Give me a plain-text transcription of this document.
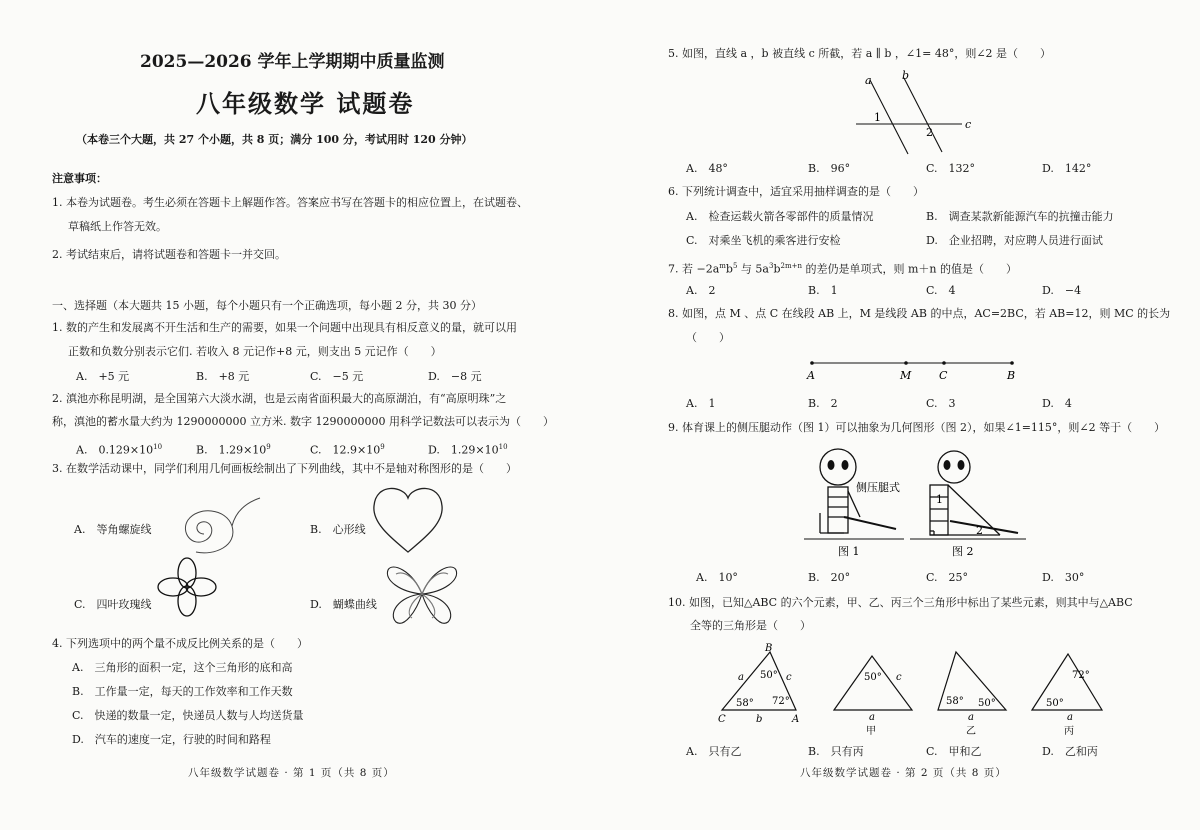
2025—2026 学年上学期期中质量监测
八年级数学 试题卷
（本卷三个大题，共 27 个小题，共 8 页；满分 100 分，考试用时 120 分钟）
注意事项：
1. 本卷为试题卷。考生必须在答题卡上解题作答。答案应书写在答题卡的相应位置上，在试题卷、
草稿纸上作答无效。
2. 考试结束后，请将试题卷和答题卡一并交回。
一、选择题（本大题共 15 小题，每个小题只有一个正确选项，每小题 2 分，共 30 分）
1. 数的产生和发展离不开生活和生产的需要，如果一个问题中出现具有相反意义的量，就可以用
正数和负数分别表示它们. 若收入 8 元记作+8 元，则支出 5 元记作（　　）
A.　+5 元	B.　+8 元	C.　−5 元	D.　−8 元
2. 滇池亦称昆明湖，是全国第六大淡水湖，也是云南省面积最大的高原湖泊，有“高原明珠”之
称，滇池的蓄水量大约为 1290000000 立方米. 数字 1290000000 用科学记数法可以表示为（　　）
A.　$0.129\times 10^{10}$	B.　$1.29\times 10^9$	C.　$12.9\times 10^9$	D.　$1.29\times 10^{10}$
3. 在数学活动课中，同学们利用几何画板绘制出了下列曲线，其中不是轴对称图形的是（　　）
A.　等角螺旋线	B.　心形线
C.　四叶玫瑰线	D.　蝴蝶曲线
4. 下列选项中的两个量不成反比例关系的是（　　）
A.　三角形的面积一定，这个三角形的底和高
B.　工作量一定，每天的工作效率和工作天数
C.　快递的数量一定，快递员人数与人均送货量
D.　汽车的速度一定，行驶的时间和路程
八年级数学试题卷 · 第 1 页（共 8 页）
5. 如图，直线 a ，b 被直线 c 所截，若 a ∥ b ，∠1= 48°，则∠2 是（　　）
a	b
c
1
2
A.　48°	B.　96°	C.　132°	D.　142°
6. 下列统计调查中，适宜采用抽样调查的是（　　）
A.　检查运载火箭各零部件的质量情况	B.　调查某款新能源汽车的抗撞击能力
C.　对乘坐飞机的乘客进行安检	D.　企业招聘，对应聘人员进行面试
7. 若 $-2a^mb^5$ 与 $5a^3b^{2m+n}$ 的差仍是单项式，则 m＋n 的值是（　　）
A.　2	B.　1	C.　4	D.　−4
8. 如图，点 M 、点 C 在线段 AB 上，M 是线段 AB 的中点，AC=2BC，若 AB=12，则 MC 的长为
（　　）
A	M	C	B
A.　1	B.　2	C.　3	D.　4
9. 体育课上的侧压腿动作（图 1）可以抽象为几何图形（图 2），如果∠1=115°，则∠2 等于（　　）
侧压腿式
图 1
1
2
图 2
A.　10°	B.　20°	C.　25°	D.　30°
10. 如图，已知△ABC 的六个元素，甲、乙、丙三个三角形中标出了某些元素，则其中与△ABC
全等的三角形是（　　）
B
C	A
a	c
b
50°
58° 72°
50° c
a
甲
58° 50°
a
乙
72°
50°
a
丙
A.　只有乙	B.　只有丙	C.　甲和乙	D.　乙和丙
八年级数学试题卷 · 第 2 页（共 8 页）
